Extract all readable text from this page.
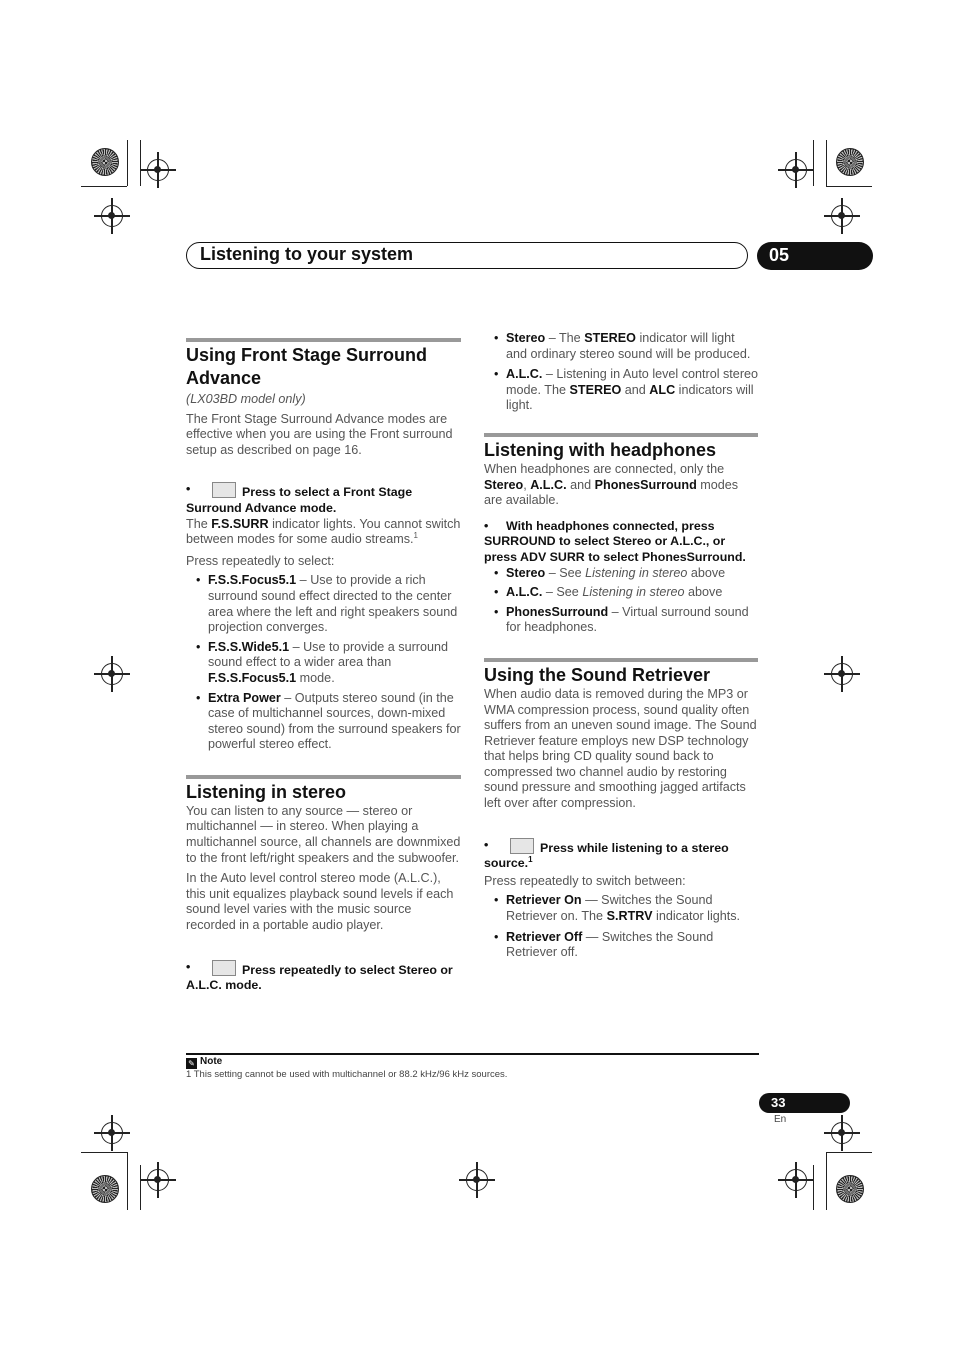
Listening to your system	05
Using Front Stage Surround Advance

(LX03BD model only)

The Front Stage Surround Advance modes are effective when you are using the Front surround setup as described on page 16.

•	Press to select a Front Stage Surround Advance mode.

The F.S.SURR indicator lights. You cannot switch between modes for some audio streams.$^1$

Press repeatedly to select:

• F.S.S.Focus5.1 – Use to provide a rich surround sound effect directed to the center area where the left and right speakers sound projection converges.
• F.S.S.Wide5.1 – Use to provide a surround sound effect to a wider area than F.S.S.Focus5.1 mode.
• Extra Power – Outputs stereo sound (in the case of multichannel sources, down-mixed stereo sound) from the surround speakers for powerful stereo effect.
Listening in stereo

You can listen to any source — stereo or multichannel — in stereo. When playing a multichannel source, all channels are downmixed to the front left/right speakers and the subwoofer.

In the Auto level control stereo mode (A.L.C.), this unit equalizes playback sound levels if each sound level varies with the music source recorded in a portable audio player.

•	Press repeatedly to select Stereo or A.L.C. mode.

• Stereo – The STEREO indicator will light and ordinary stereo sound will be produced.
• A.L.C. – Listening in Auto level control stereo mode. The STEREO and ALC indicators will light.
Listening with headphones

When headphones are connected, only the Stereo, A.L.C. and PhonesSurround modes are available.

• With headphones connected, press SURROUND to select Stereo or A.L.C., or press ADV SURR to select PhonesSurround.

• Stereo – See Listening in stereo above
• A.L.C. – See Listening in stereo above
• PhonesSurround – Virtual surround sound for headphones.
Using the Sound Retriever

When audio data is removed during the MP3 or WMA compression process, sound quality often suffers from an uneven sound image. The Sound Retriever feature employs new DSP technology that helps bring CD quality sound back to compressed two channel audio by restoring sound pressure and smoothing jagged artifacts left over after compression.

•	Press while listening to a stereo source.$^1$

Press repeatedly to switch between:

• Retriever On — Switches the Sound Retriever on. The S.RTRV indicator lights.
• Retriever Off — Switches the Sound Retriever off.
✎ Note
1 This setting cannot be used with multichannel or 88.2 kHz/96 kHz sources.
33
En
